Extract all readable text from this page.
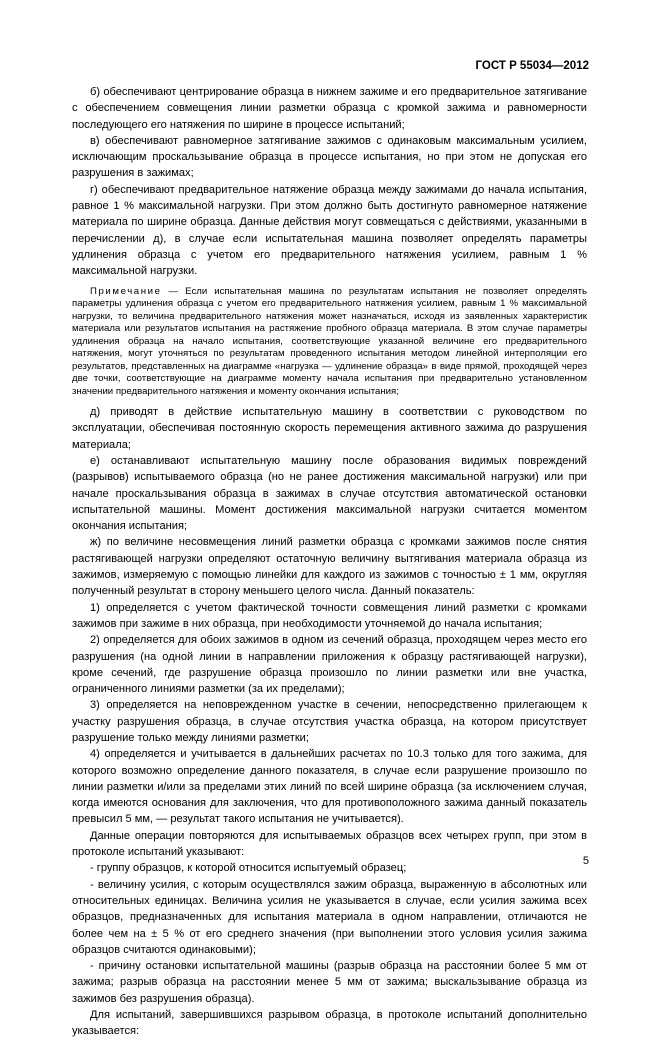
ГОСТ Р 55034—2012

б) обеспечивают центрирование образца в нижнем зажиме и его предварительное затягивание с обеспечением совмещения линии разметки образца с кромкой зажима и равномерности последующего его натяжения по ширине в процессе испытаний;

в) обеспечивают равномерное затягивание зажимов с одинаковым максимальным усилием, исключающим проскальзывание образца в процессе испытания, но при этом не допуская его разрушения в зажимах;

г) обеспечивают предварительное натяжение образца между зажимами до начала испытания, равное 1 % максимальной нагрузки. При этом должно быть достигнуто равномерное натяжение материала по ширине образца. Данные действия могут совмещаться с действиями, указанными в перечислении д), в случае если испытательная машина позволяет определять параметры удлинения образца с учетом его предварительного натяжения усилием, равным 1 % максимальной нагрузки.

Примечание — Если испытательная машина по результатам испытания не позволяет определять параметры удлинения образца с учетом его предварительного натяжения усилием, равным 1 % максимальной нагрузки, то величина предварительного натяжения может назначаться, исходя из заявленных характеристик материала или результатов испытания на растяжение пробного образца материала. В этом случае параметры удлинения образца на начало испытания, соответствующие указанной величине его предварительного натяжения, могут уточняться по результатам проведенного испытания методом линейной интерполяции его результатов, представленных на диаграмме «нагрузка — удлинение образца» в виде прямой, проходящей через две точки, соответствующие на диаграмме моменту начала испытания при предварительно установленном значении предварительного натяжения и моменту окончания испытания;

д) приводят в действие испытательную машину в соответствии с руководством по эксплуатации, обеспечивая постоянную скорость перемещения активного зажима до разрушения материала;

е) останавливают испытательную машину после образования видимых повреждений (разрывов) испытываемого образца (но не ранее достижения максимальной нагрузки) или при начале проскальзывания образца в зажимах в случае отсутствия автоматической остановки испытательной машины. Момент достижения максимальной нагрузки считается моментом окончания испытания;

ж) по величине несовмещения линий разметки образца с кромками зажимов после снятия растягивающей нагрузки определяют остаточную величину вытягивания материала образца из зажимов, измеряемую с помощью линейки для каждого из зажимов с точностью ± 1 мм, округляя полученный результат в сторону меньшего целого числа. Данный показатель:

1) определяется с учетом фактической точности совмещения линий разметки с кромками зажимов при зажиме в них образца, при необходимости уточняемой до начала испытания;

2) определяется для обоих зажимов в одном из сечений образца, проходящем через место его разрушения (на одной линии в направлении приложения к образцу растягивающей нагрузки), кроме сечений, где разрушение образца произошло по линии разметки или вне участка, ограниченного линиями разметки (за их пределами);

3) определяется на неповрежденном участке в сечении, непосредственно прилегающем к участку разрушения образца, в случае отсутствия участка образца, на котором присутствует разрушение только между линиями разметки;

4) определяется и учитывается в дальнейших расчетах по 10.3 только для того зажима, для которого возможно определение данного показателя, в случае если разрушение произошло по линии разметки и/или за пределами этих линий по всей ширине образца (за исключением случая, когда имеются основания для заключения, что для противоположного зажима данный показатель превысил 5 мм, — результат такого испытания не учитывается).

Данные операции повторяются для испытываемых образцов всех четырех групп, при этом в протоколе испытаний указывают:

- группу образцов, к которой относится испытуемый образец;

- величину усилия, с которым осуществлялся зажим образца, выраженную в абсолютных или относительных единицах. Величина усилия не указывается в случае, если усилия зажима всех образцов, предназначенных для испытания материала в одном направлении, отличаются не более чем на ± 5 % от его среднего значения (при выполнении этого условия усилия зажима образцов считаются одинаковыми);

- причину остановки испытательной машины (разрыв образца на расстоянии более 5 мм от зажима; разрыв образца на расстоянии менее 5 мм от зажима; выскальзывание образца из зажимов без разрушения образца).

Для испытаний, завершившихся разрывом образца, в протоколе испытаний дополнительно указывается:

5
